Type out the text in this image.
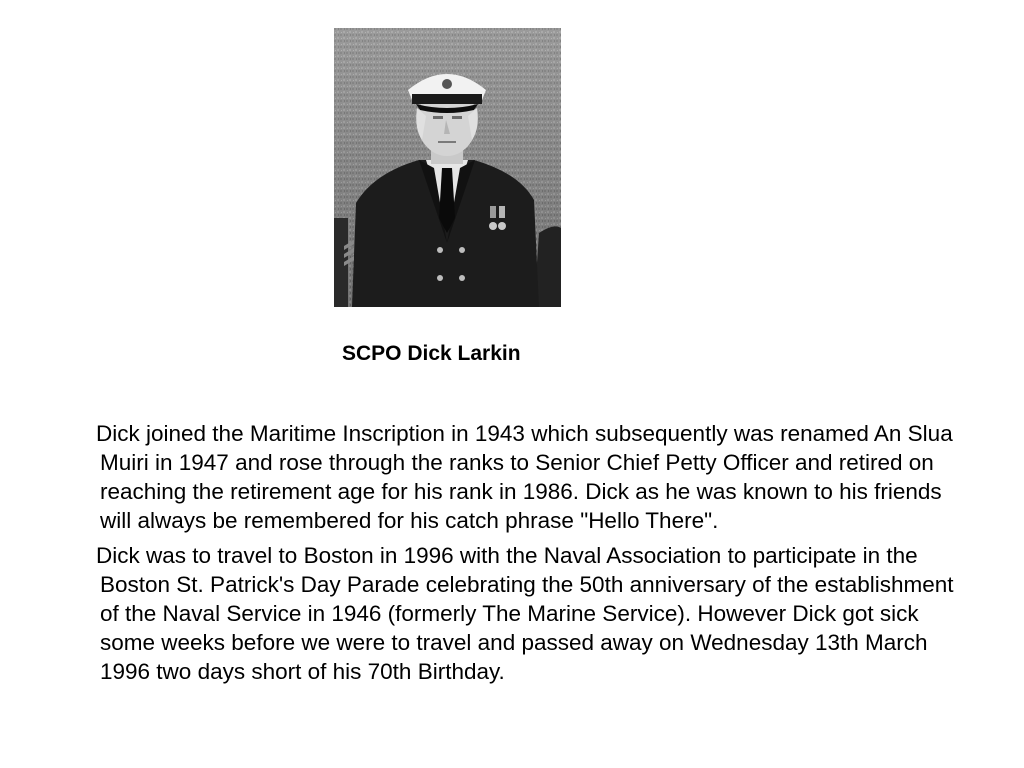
SCPO Dick Larkin

Dick joined the Maritime Inscription in 1943 which subsequently was renamed An Slua Muiri in 1947 and rose through the ranks to Senior Chief Petty Officer and retired on reaching the retirement age for his rank in 1986. Dick as he was known to his friends will always be remembered for his catch phrase "Hello There".

Dick was to travel to Boston in 1996 with the Naval Association to participate in the Boston St. Patrick's Day Parade celebrating the 50th anniversary of the establishment of the Naval Service in 1946 (formerly The Marine Service). However Dick got sick some weeks before we were to travel and passed away on Wednesday 13th March 1996 two days short of his 70th Birthday.
